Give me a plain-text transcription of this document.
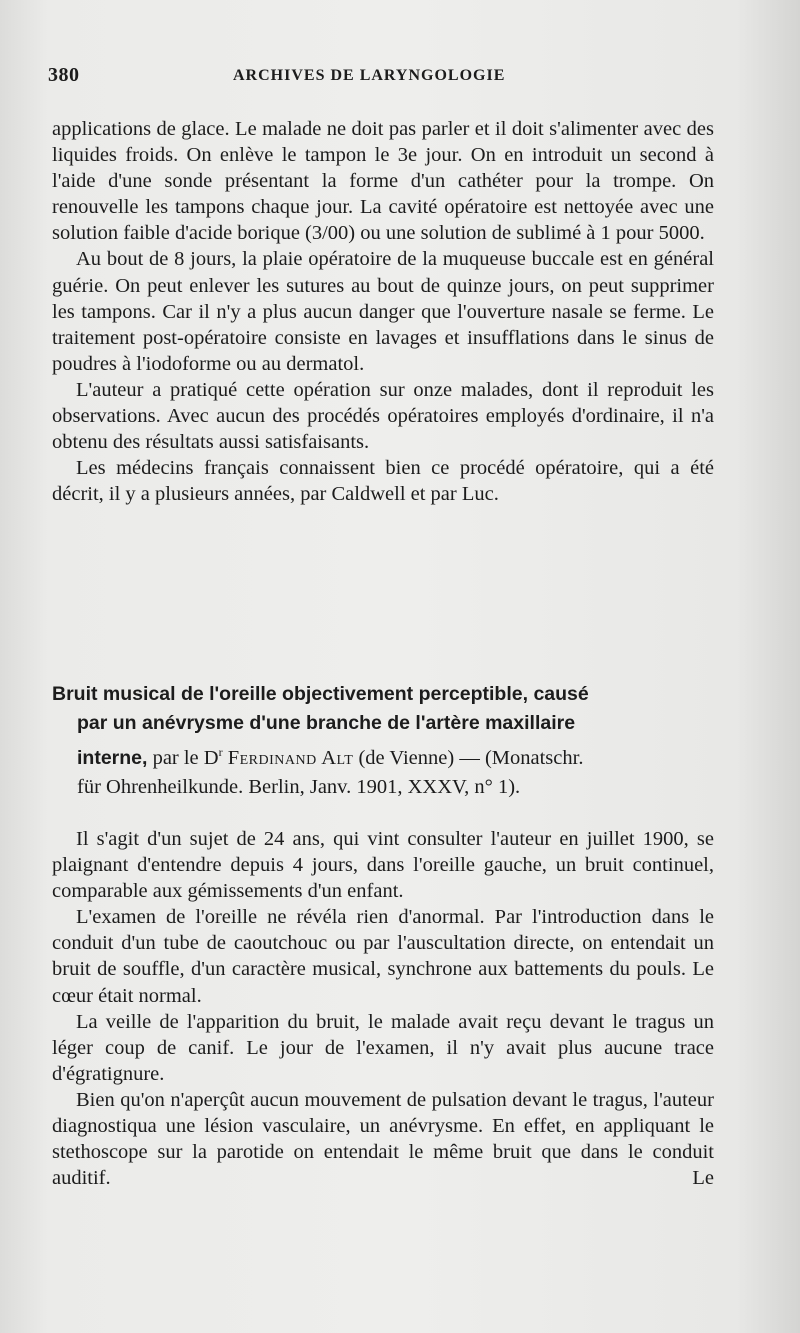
380	ARCHIVES DE LARYNGOLOGIE

applications de glace. Le malade ne doit pas parler et il doit s'alimenter avec des liquides froids. On enlève le tampon le 3e jour. On en introduit un second à l'aide d'une sonde présentant la forme d'un cathéter pour la trompe. On renouvelle les tampons chaque jour. La cavité opératoire est nettoyée avec une solution faible d'acide borique (3/00) ou une solution de sublimé à 1 pour 5000.

Au bout de 8 jours, la plaie opératoire de la muqueuse buccale est en général guérie. On peut enlever les sutures au bout de quinze jours, on peut supprimer les tampons. Car il n'y a plus aucun danger que l'ouverture nasale se ferme. Le traitement post-opératoire consiste en lavages et insufflations dans le sinus de poudres à l'iodoforme ou au dermatol.

L'auteur a pratiqué cette opération sur onze malades, dont il reproduit les observations. Avec aucun des procédés opératoires employés d'ordinaire, il n'a obtenu des résultats aussi satisfaisants.

Les médecins français connaissent bien ce procédé opératoire, qui a été décrit, il y a plusieurs années, par Caldwell et par Luc.

Bruit musical de l'oreille objectivement perceptible, causé
par un anévrysme d'une branche de l'artère maxillaire
interne, par le $D^r$ Ferdinand Alt (de Vienne) — (Monatschr.
für Ohrenheilkunde. Berlin, Janv. 1901, XXXV, n° 1).

Il s'agit d'un sujet de 24 ans, qui vint consulter l'auteur en juillet 1900, se plaignant d'entendre depuis 4 jours, dans l'oreille gauche, un bruit continuel, comparable aux gémissements d'un enfant.

L'examen de l'oreille ne révéla rien d'anormal. Par l'introduction dans le conduit d'un tube de caoutchouc ou par l'auscultation directe, on entendait un bruit de souffle, d'un caractère musical, synchrone aux battements du pouls. Le cœur était normal.

La veille de l'apparition du bruit, le malade avait reçu devant le tragus un léger coup de canif. Le jour de l'examen, il n'y avait plus aucune trace d'égratignure.

Bien qu'on n'aperçût aucun mouvement de pulsation devant le tragus, l'auteur diagnostiqua une lésion vasculaire, un anévrysme. En effet, en appliquant le stethoscope sur la parotide on entendait le même bruit que dans le conduit auditif. Le
